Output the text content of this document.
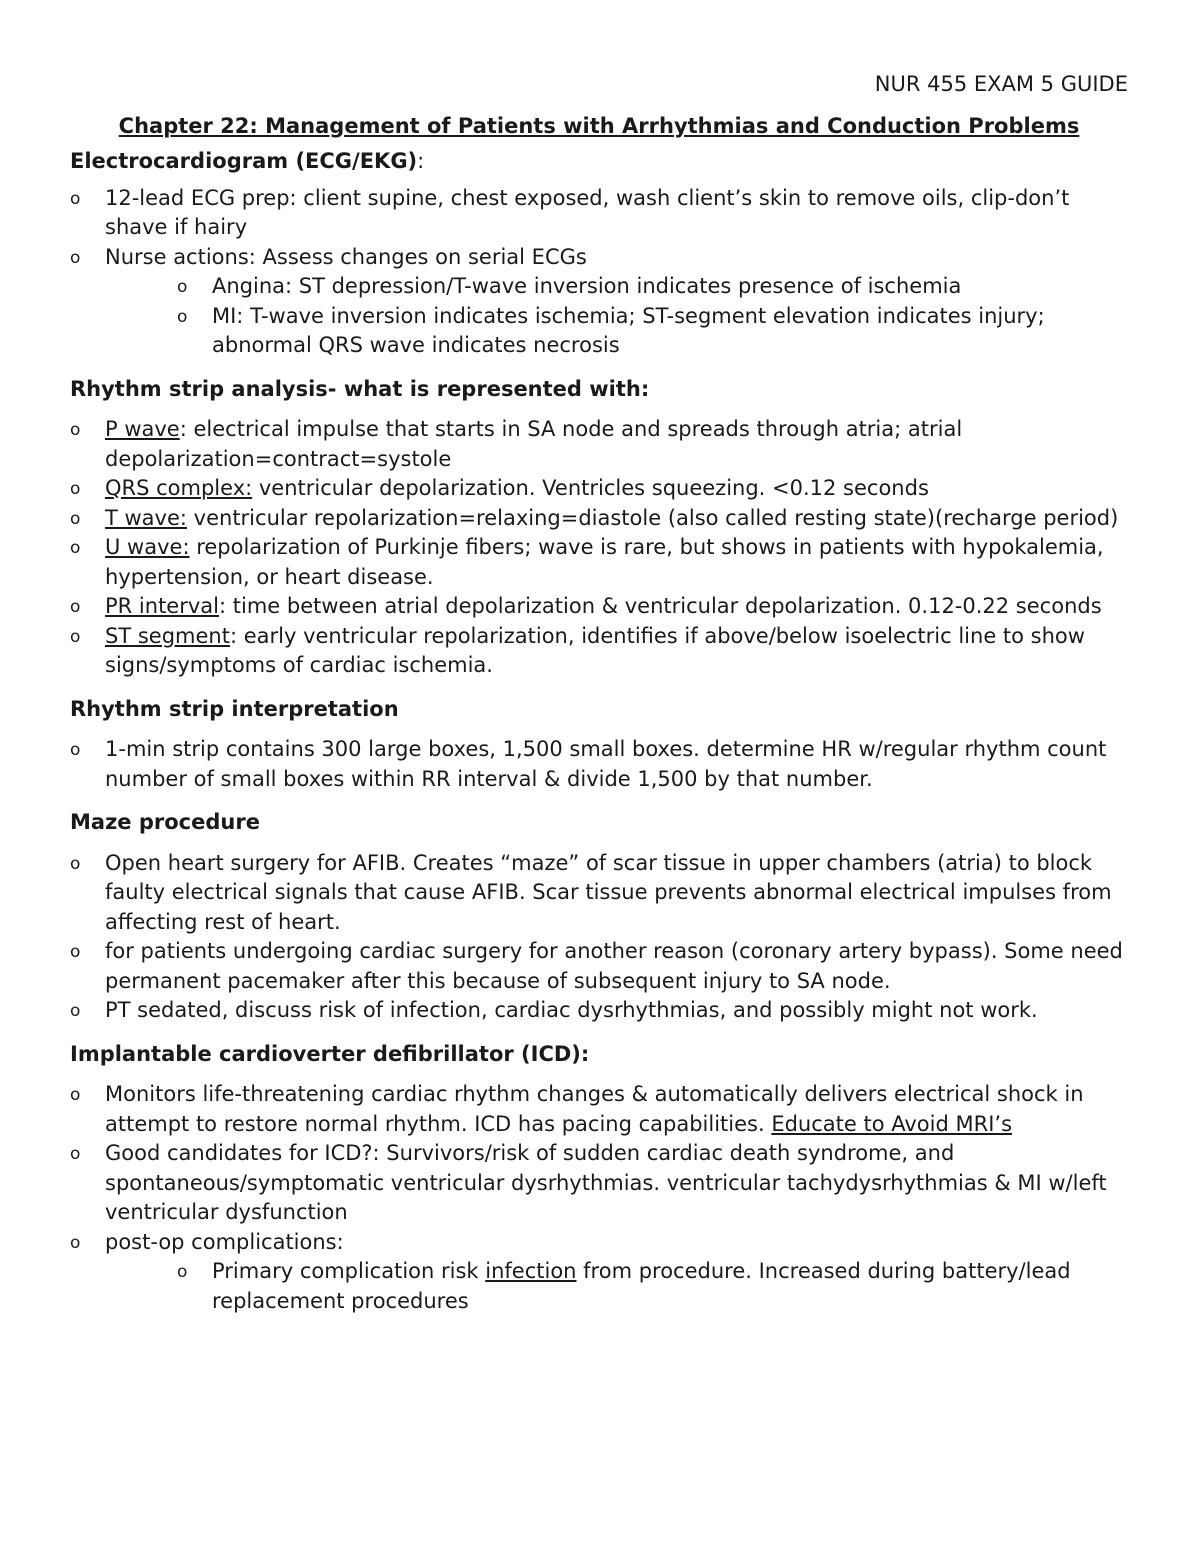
NUR 455 EXAM 5 GUIDE
Chapter 22: Management of Patients with Arrhythmias and Conduction Problems
Electrocardiogram (ECG/EKG):
o 12-lead ECG prep: client supine, chest exposed, wash client’s skin to remove oils, clip-don’t shave if hairy
o Nurse actions: Assess changes on serial ECGs
o Angina: ST depression/T-wave inversion indicates presence of ischemia
o MI: T-wave inversion indicates ischemia; ST-segment elevation indicates injury; abnormal QRS wave indicates necrosis
Rhythm strip analysis- what is represented with:
o P wave: electrical impulse that starts in SA node and spreads through atria; atrial depolarization=contract=systole
o QRS complex: ventricular depolarization. Ventricles squeezing. <0.12 seconds
o T wave: ventricular repolarization=relaxing=diastole (also called resting state)(recharge period)
o U wave: repolarization of Purkinje fibers; wave is rare, but shows in patients with hypokalemia, hypertension, or heart disease.
o PR interval: time between atrial depolarization & ventricular depolarization. 0.12-0.22 seconds
o ST segment: early ventricular repolarization, identifies if above/below isoelectric line to show signs/symptoms of cardiac ischemia.
Rhythm strip interpretation
o 1-min strip contains 300 large boxes, 1,500 small boxes. determine HR w/regular rhythm count number of small boxes within RR interval & divide 1,500 by that number.
Maze procedure
o Open heart surgery for AFIB. Creates “maze” of scar tissue in upper chambers (atria) to block faulty electrical signals that cause AFIB. Scar tissue prevents abnormal electrical impulses from affecting rest of heart.
o for patients undergoing cardiac surgery for another reason (coronary artery bypass). Some need permanent pacemaker after this because of subsequent injury to SA node.
o PT sedated, discuss risk of infection, cardiac dysrhythmias, and possibly might not work.
Implantable cardioverter defibrillator (ICD):
o Monitors life-threatening cardiac rhythm changes & automatically delivers electrical shock in attempt to restore normal rhythm. ICD has pacing capabilities. Educate to Avoid MRI’s
o Good candidates for ICD?: Survivors/risk of sudden cardiac death syndrome, and spontaneous/symptomatic ventricular dysrhythmias. ventricular tachydysrhythmias & MI w/left ventricular dysfunction
o post-op complications:
o Primary complication risk infection from procedure. Increased during battery/lead replacement procedures
